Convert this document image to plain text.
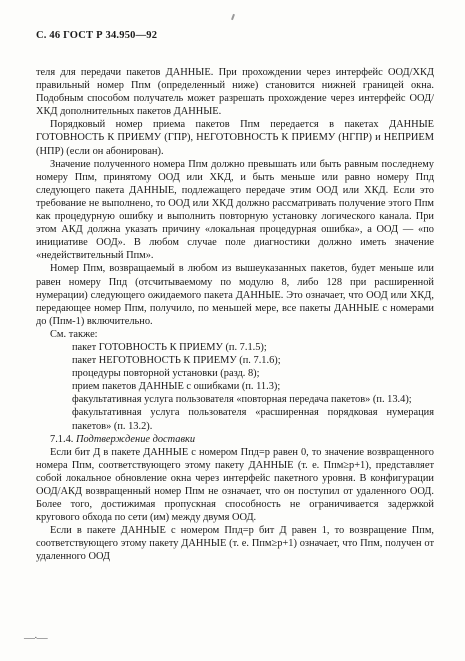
С. 46 ГОСТ Р 34.950—92

теля для передачи пакетов ДАННЫЕ. При прохождении через интерфейс ООД/ХКД правильный номер Ппм (определенный ниже) становится нижней границей окна. Подобным способом получатель может разрешать прохождение через интерфейс ООД/ХКД дополнительных пакетов ДАННЫЕ.

Порядковый номер приема пакетов Ппм передается в пакетах ДАННЫЕ ГОТОВНОСТЬ К ПРИЕМУ (ГПР), НЕГОТОВНОСТЬ К ПРИЕМУ (НГПР) и НЕПРИЕМ (НПР) (если он абонирован).

Значение полученного номера Ппм должно превышать или быть равным последнему номеру Ппм, принятому ООД или ХКД, и быть меньше или равно номеру Ппд следующего пакета ДАННЫЕ, подлежащего передаче этим ООД или ХКД. Если это требование не выполнено, то ООД или ХКД должно рассматривать получение этого Ппм как процедурную ошибку и выполнить повторную установку логического канала. При этом АКД должна указать причину «локальная процедурная ошибка», а ООД — «по инициативе ООД». В любом случае поле диагностики должно иметь значение «недействительный Ппм».

Номер Ппм, возвращаемый в любом из вышеуказанных пакетов, будет меньше или равен номеру Ппд (отсчитываемому по модулю 8, либо 128 при расширенной нумерации) следующего ожидаемого пакета ДАННЫЕ. Это означает, что ООД или ХКД, передающее номер Ппм, получило, по меньшей мере, все пакеты ДАННЫЕ с номерами до (Ппм-1) включительно.

См. также:

пакет ГОТОВНОСТЬ К ПРИЕМУ (п. 7.1.5);
пакет НЕГОТОВНОСТЬ К ПРИЕМУ (п. 7.1.6);
процедуры повторной установки (разд. 8);
прием пакетов ДАННЫЕ с ошибками (п. 11.3);
факультативная услуга пользователя «повторная передача пакетов» (п. 13.4);
факультативная услуга пользователя «расширенная порядковая нумерация пакетов» (п. 13.2).

7.1.4. Подтверждение доставки

Если бит Д в пакете ДАННЫЕ с номером Ппд=р равен 0, то значение возвращенного номера Ппм, соответствующего этому пакету ДАННЫЕ (т. е. Ппм≥р+1), представляет собой локальное обновление окна через интерфейс пакетного уровня. В конфигурации ООД/АКД возвращенный номер Ппм не означает, что он поступил от удаленного ООД. Более того, достижимая пропускная способность не ограничивается задержкой кругового обхода по сети (им) между двумя ООД.

Если в пакете ДАННЫЕ с номером Ппд=р бит Д равен 1, то возвращение Ппм, соответствующего этому пакету ДАННЫЕ (т. е. Ппм≥р+1) означает, что Ппм, получен от удаленного ООД

—·—
